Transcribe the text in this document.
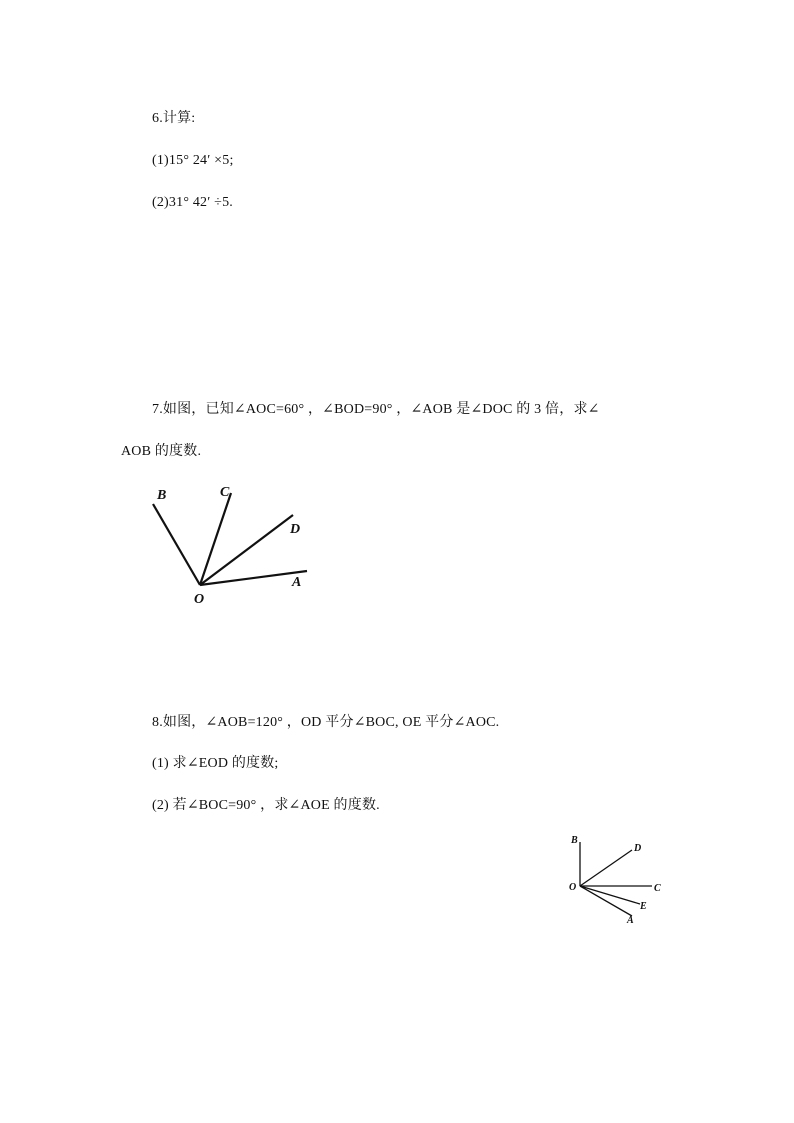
6.计算:
(1)15° 24′ ×5;
(2)31° 42′ ÷5.
7.如图，已知∠AOC=60° ，∠BOD=90° ，∠AOB 是∠DOC 的 3 倍，求∠
AOB 的度数.
B	C
D
A
O
8.如图，∠AOB=120° ，OD 平分∠BOC, OE 平分∠AOC.
(1) 求∠EOD 的度数;
(2) 若∠BOC=90° ，求∠AOE 的度数.
B
D
O	C
E
A
